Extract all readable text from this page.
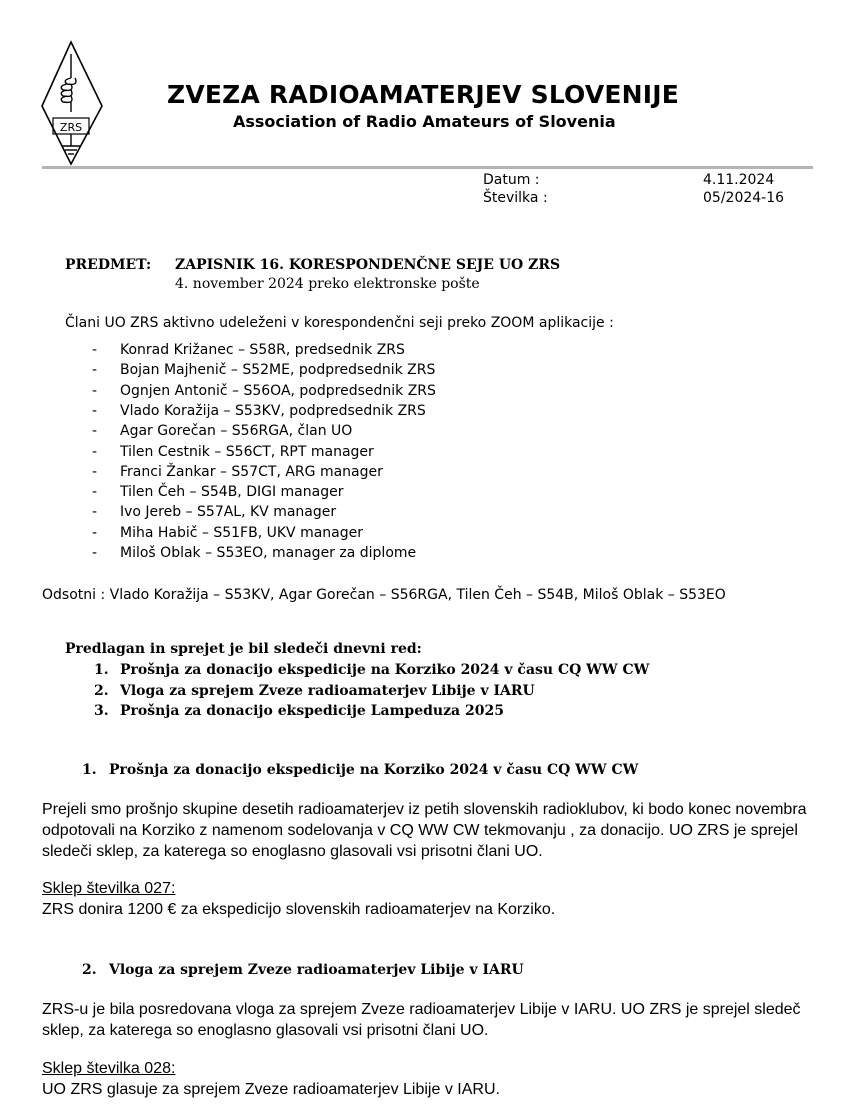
ZRS
ZVEZA RADIOAMATERJEV SLOVENIJE
Association of Radio Amateurs of Slovenia
Datum :	4.11.2024
Številka :	05/2024-16
PREDMET: ZAPISNIK 16. KORESPONDENČNE SEJE UO ZRS
4. november 2024 preko elektronske pošte
Člani UO ZRS aktivno udeleženi v korespondenčni seji preko ZOOM aplikacije :
- Konrad Križanec – S58R, predsednik ZRS
- Bojan Majhenič – S52ME, podpredsednik ZRS
- Ognjen Antonič – S56OA, podpredsednik ZRS
- Vlado Koražija – S53KV, podpredsednik ZRS
- Agar Gorečan – S56RGA, član UO
- Tilen Cestnik – S56CT, RPT manager
- Franci Žankar – S57CT, ARG manager
- Tilen Čeh – S54B, DIGI manager
- Ivo Jereb – S57AL, KV manager
- Miha Habič – S51FB, UKV manager
- Miloš Oblak – S53EO, manager za diplome
Odsotni : Vlado Koražija – S53KV, Agar Gorečan – S56RGA, Tilen Čeh – S54B, Miloš Oblak – S53EO
Predlagan in sprejet je bil sledeči dnevni red:
1. Prošnja za donacijo ekspedicije na Korziko 2024 v času CQ WW CW
2. Vloga za sprejem Zveze radioamaterjev Libije v IARU
3. Prošnja za donacijo ekspedicije Lampeduza 2025
1. Prošnja za donacijo ekspedicije na Korziko 2024 v času CQ WW CW
Prejeli smo prošnjo skupine desetih radioamaterjev iz petih slovenskih radioklubov, ki bodo konec novembra odpotovali na Korziko z namenom sodelovanja v CQ WW CW tekmovanju , za donacijo. UO ZRS je sprejel sledeči sklep, za katerega so enoglasno glasovali vsi prisotni člani UO.
Sklep številka 027:
ZRS donira 1200 € za ekspedicijo slovenskih radioamaterjev na Korziko.
2. Vloga za sprejem Zveze radioamaterjev Libije v IARU
ZRS-u je bila posredovana vloga za sprejem Zveze radioamaterjev Libije v IARU. UO ZRS je sprejel sledeč sklep, za katerega so enoglasno glasovali vsi prisotni člani UO.
Sklep številka 028:
UO ZRS glasuje za sprejem Zveze radioamaterjev Libije v IARU.
